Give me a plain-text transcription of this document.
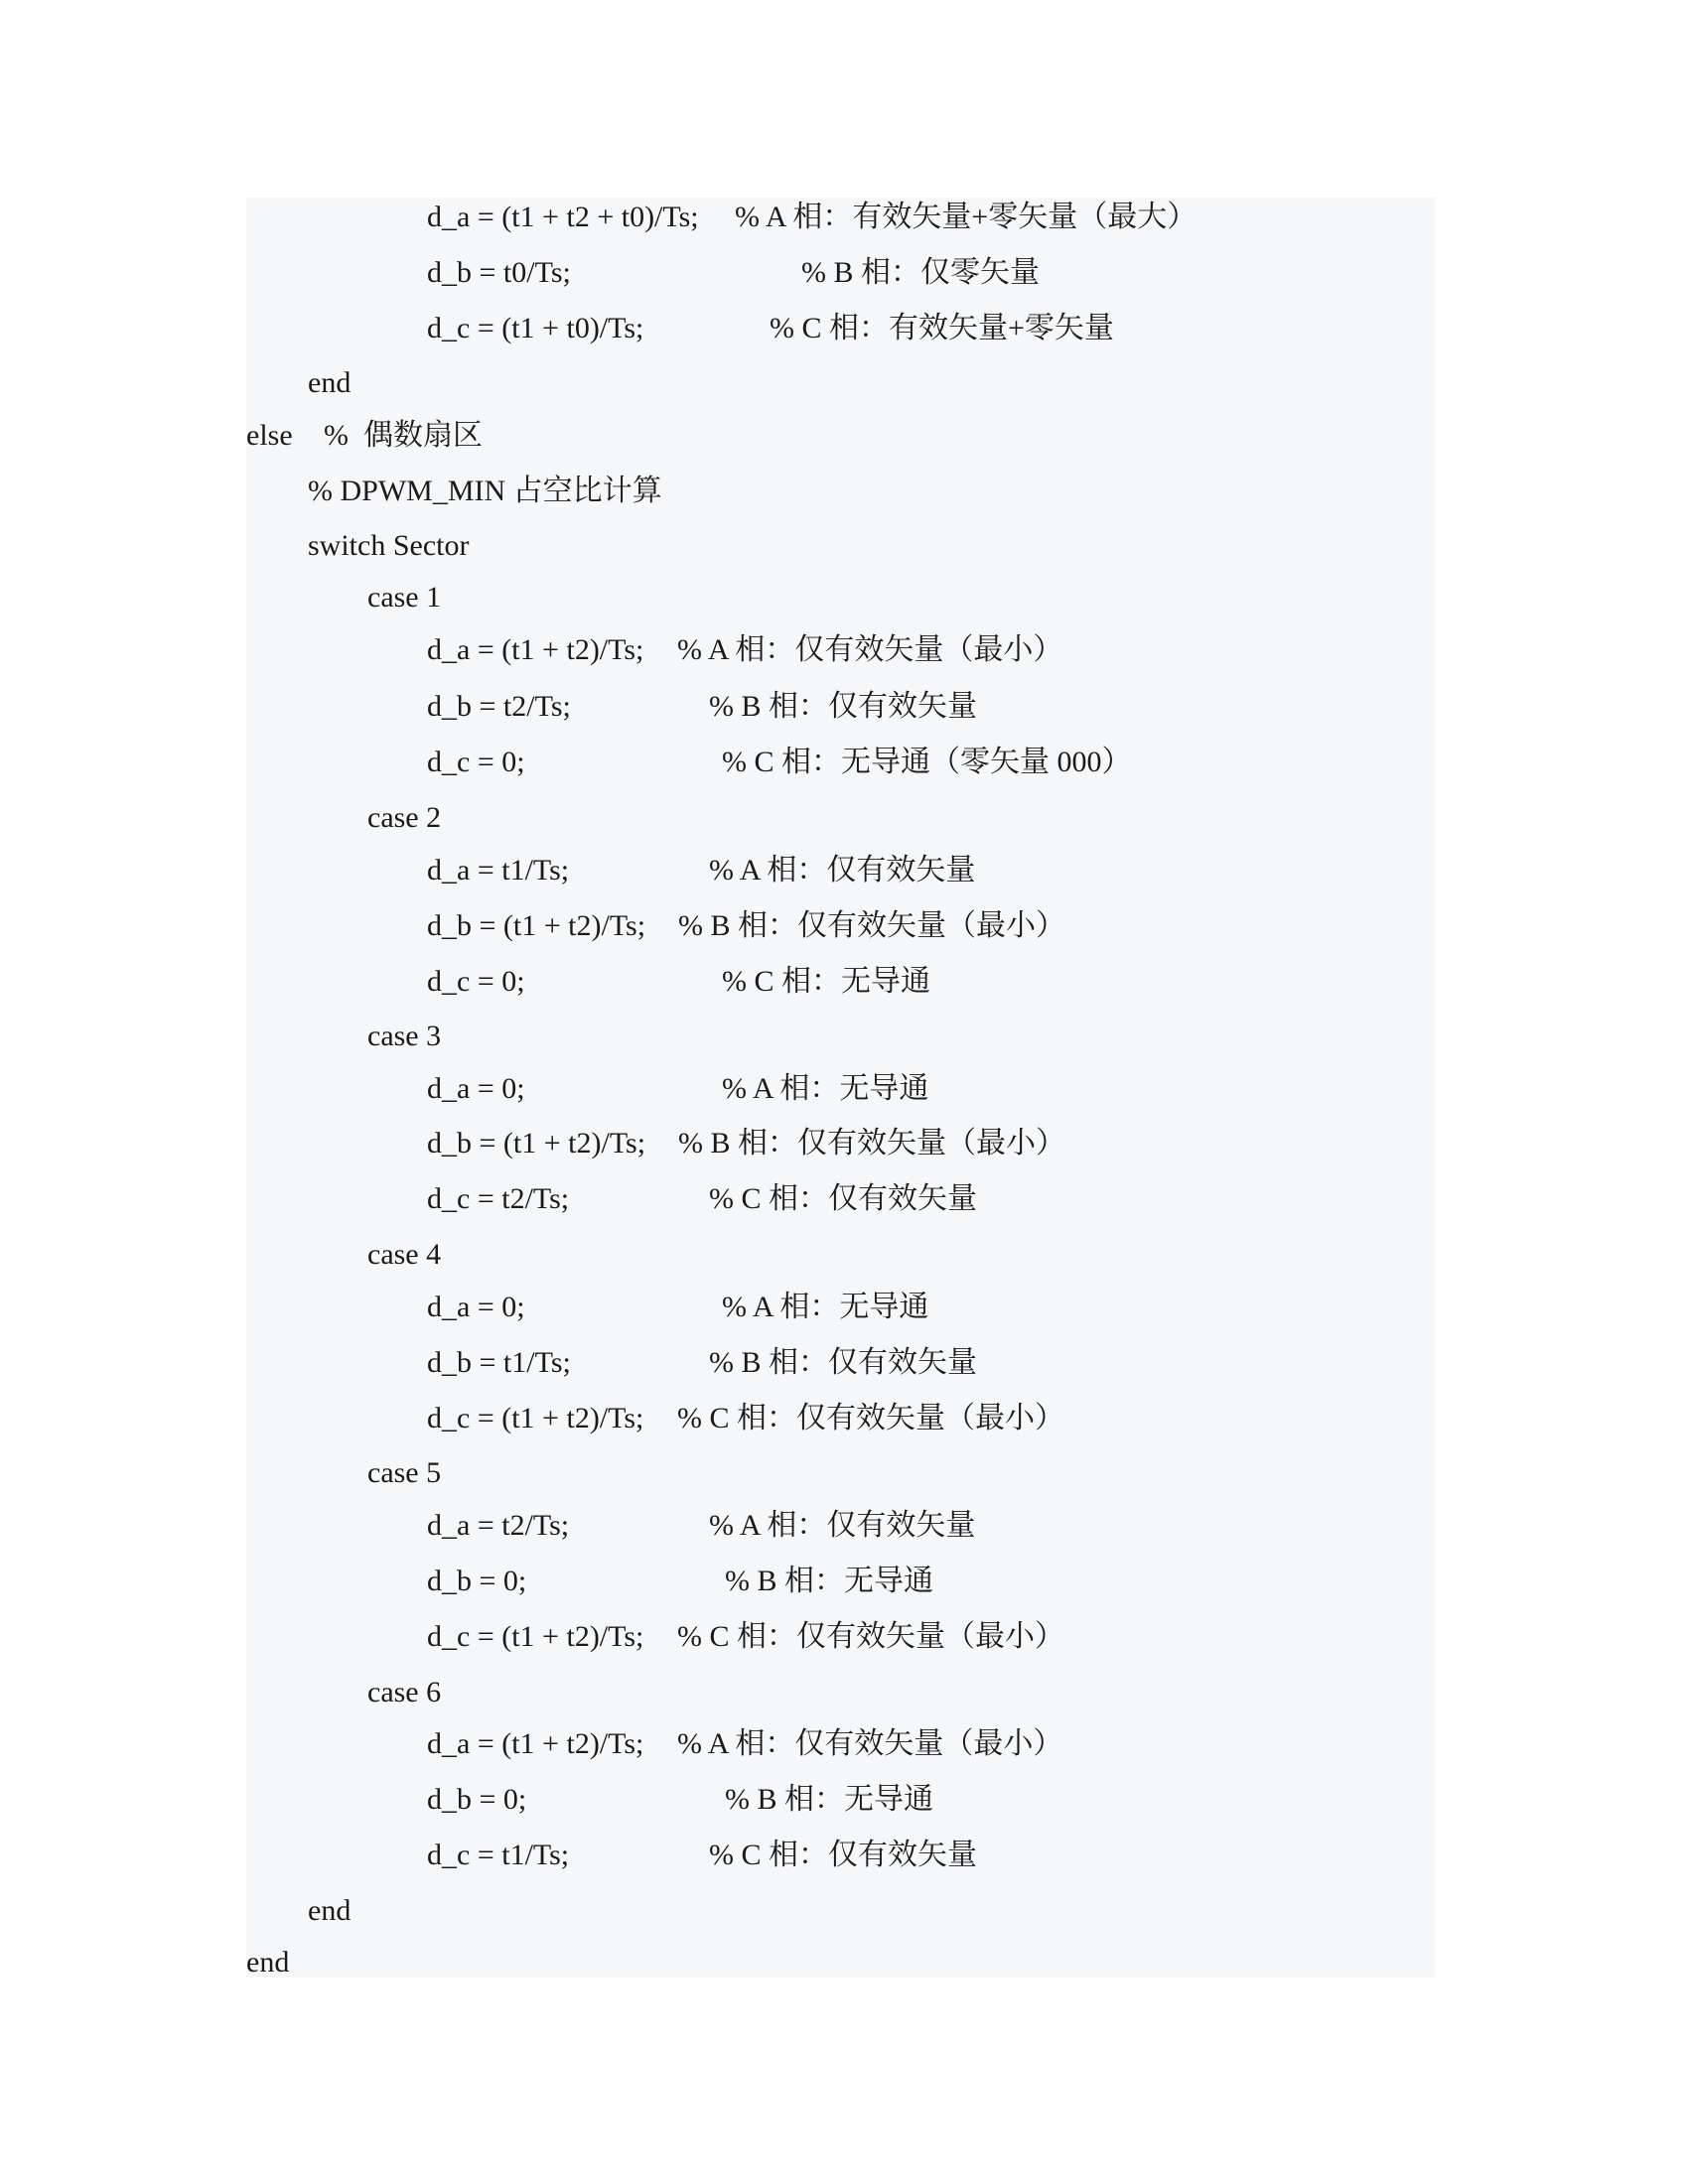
d_a = (t1 + t2 + t0)/Ts; % A 相：有效矢量+零矢量（最大）
d_b = t0/Ts;	% B 相：仅零矢量
d_c = (t1 + t0)/Ts;	% C 相：有效矢量+零矢量
end
else %  偶数扇区
% DPWM_MIN 占空比计算
switch Sector
case 1
d_a = (t1 + t2)/Ts; % A 相：仅有效矢量（最小）
d_b = t2/Ts;	% B 相：仅有效矢量
d_c = 0;	% C 相：无导通（零矢量 000）
case 2
d_a = t1/Ts;	% A 相：仅有效矢量
d_b = (t1 + t2)/Ts; % B 相：仅有效矢量（最小）
d_c = 0;	% C 相：无导通
case 3
d_a = 0;	% A 相：无导通
d_b = (t1 + t2)/Ts; % B 相：仅有效矢量（最小）
d_c = t2/Ts;	% C 相：仅有效矢量
case 4
d_a = 0;	% A 相：无导通
d_b = t1/Ts;	% B 相：仅有效矢量
d_c = (t1 + t2)/Ts; % C 相：仅有效矢量（最小）
case 5
d_a = t2/Ts;	% A 相：仅有效矢量
d_b = 0;	% B 相：无导通
d_c = (t1 + t2)/Ts; % C 相：仅有效矢量（最小）
case 6
d_a = (t1 + t2)/Ts; % A 相：仅有效矢量（最小）
d_b = 0;	% B 相：无导通
d_c = t1/Ts;	% C 相：仅有效矢量
end
end
